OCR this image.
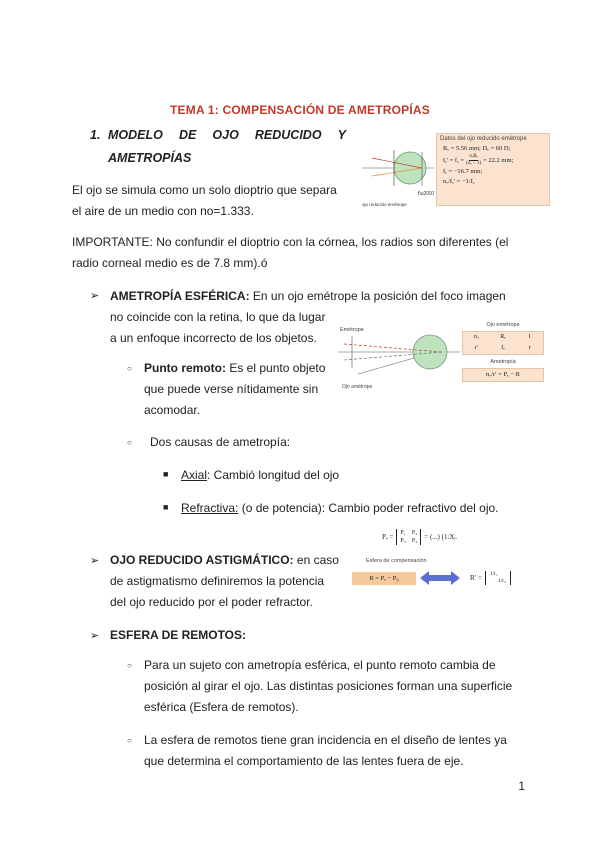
TEMA 1: COMPENSACIÓN DE AMETROPÍAS
1. MODELO DE OJO REDUCIDO Y
AMETROPÍAS
f\u2091'
ojo reducido emétrope
Datos del ojo reducido emétrope
Rₑ = 5.56 mm; Dₑ = 60 D;
fₑ' = fₑ = nₒRₑ
(nₒ − 1) = 22.2 mm;
fₑ = −16.7 mm;
nₒ/fₑ' = −1/fₑ

El ojo se simula como un solo dioptrio que separa

el aire de un medio con no=1.333.

IMPORTANTE: No confundir el dioptrio con la córnea, los radios son diferentes (el

radio corneal medio es de 7.8 mm).ó

➢ AMETROPÍA ESFÉRICA: En un ojo emétrope la posición del foco imagen

no coincide con la retina, lo que da lugar

a un enfoque incorrecto de los objetos.

Emétrope
Ojo amétrope
Ojo emétrope
nₒ	Rₑ	1
r′	fₑ	r
Ametropía
nₒ/r′ = Pₑ − R
○ Punto remoto: Es el punto objeto

que puede verse nítidamente sin

acomodar.

○ Dos causas de ametropía:
■ Axial: Cambió longitud del ojo
■ Refractiva: (o de potencia): Cambio poder refractivo del ojo.
➢ OJO REDUCIDO ASTIGMÁTICO: en caso

de astigmatismo definiremos la potencia

del ojo reducido por el poder refractor.

Pₑ = P₁ P₂
P₃ P₄ = (...) (1:Xₒ
Esfera de compensación
R = Pₑ − P₀	R′ = 1/r₁
1/r₂
➢ ESFERA DE REMOTOS:
○ Para un sujeto con ametropía esférica, el punto remoto cambia de

posición al girar el ojo. Las distintas posiciones forman una superficie

esférica (Esfera de remotos).

○ La esfera de remotos tiene gran incidencia en el diseño de lentes ya

que determina el comportamiento de las lentes fuera de eje.

1
